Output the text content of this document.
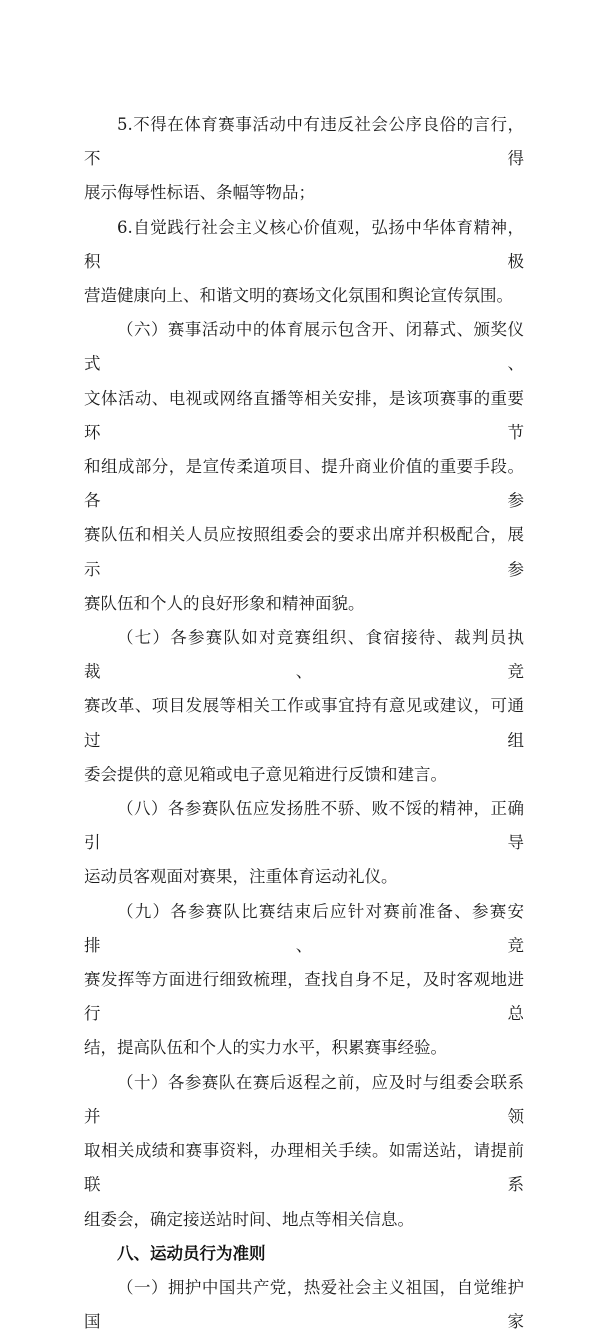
5.不得在体育赛事活动中有违反社会公序良俗的言行，不得
展示侮辱性标语、条幅等物品；

6.自觉践行社会主义核心价值观，弘扬中华体育精神，积极
营造健康向上、和谐文明的赛场文化氛围和舆论宣传氛围。

（六）赛事活动中的体育展示包含开、闭幕式、颁奖仪式、
文体活动、电视或网络直播等相关安排，是该项赛事的重要环节
和组成部分，是宣传柔道项目、提升商业价值的重要手段。各参
赛队伍和相关人员应按照组委会的要求出席并积极配合，展示参
赛队伍和个人的良好形象和精神面貌。

（七）各参赛队如对竞赛组织、食宿接待、裁判员执裁、竞
赛改革、项目发展等相关工作或事宜持有意见或建议，可通过组
委会提供的意见箱或电子意见箱进行反馈和建言。

（八）各参赛队伍应发扬胜不骄、败不馁的精神，正确引导
运动员客观面对赛果，注重体育运动礼仪。

（九）各参赛队比赛结束后应针对赛前准备、参赛安排、竞
赛发挥等方面进行细致梳理，查找自身不足，及时客观地进行总
结，提高队伍和个人的实力水平，积累赛事经验。

（十）各参赛队在赛后返程之前，应及时与组委会联系并领
取相关成绩和赛事资料，办理相关手续。如需送站，请提前联系
组委会，确定接送站时间、地点等相关信息。

八、运动员行为准则

（一）拥护中国共产党，热爱社会主义祖国，自觉维护国家
